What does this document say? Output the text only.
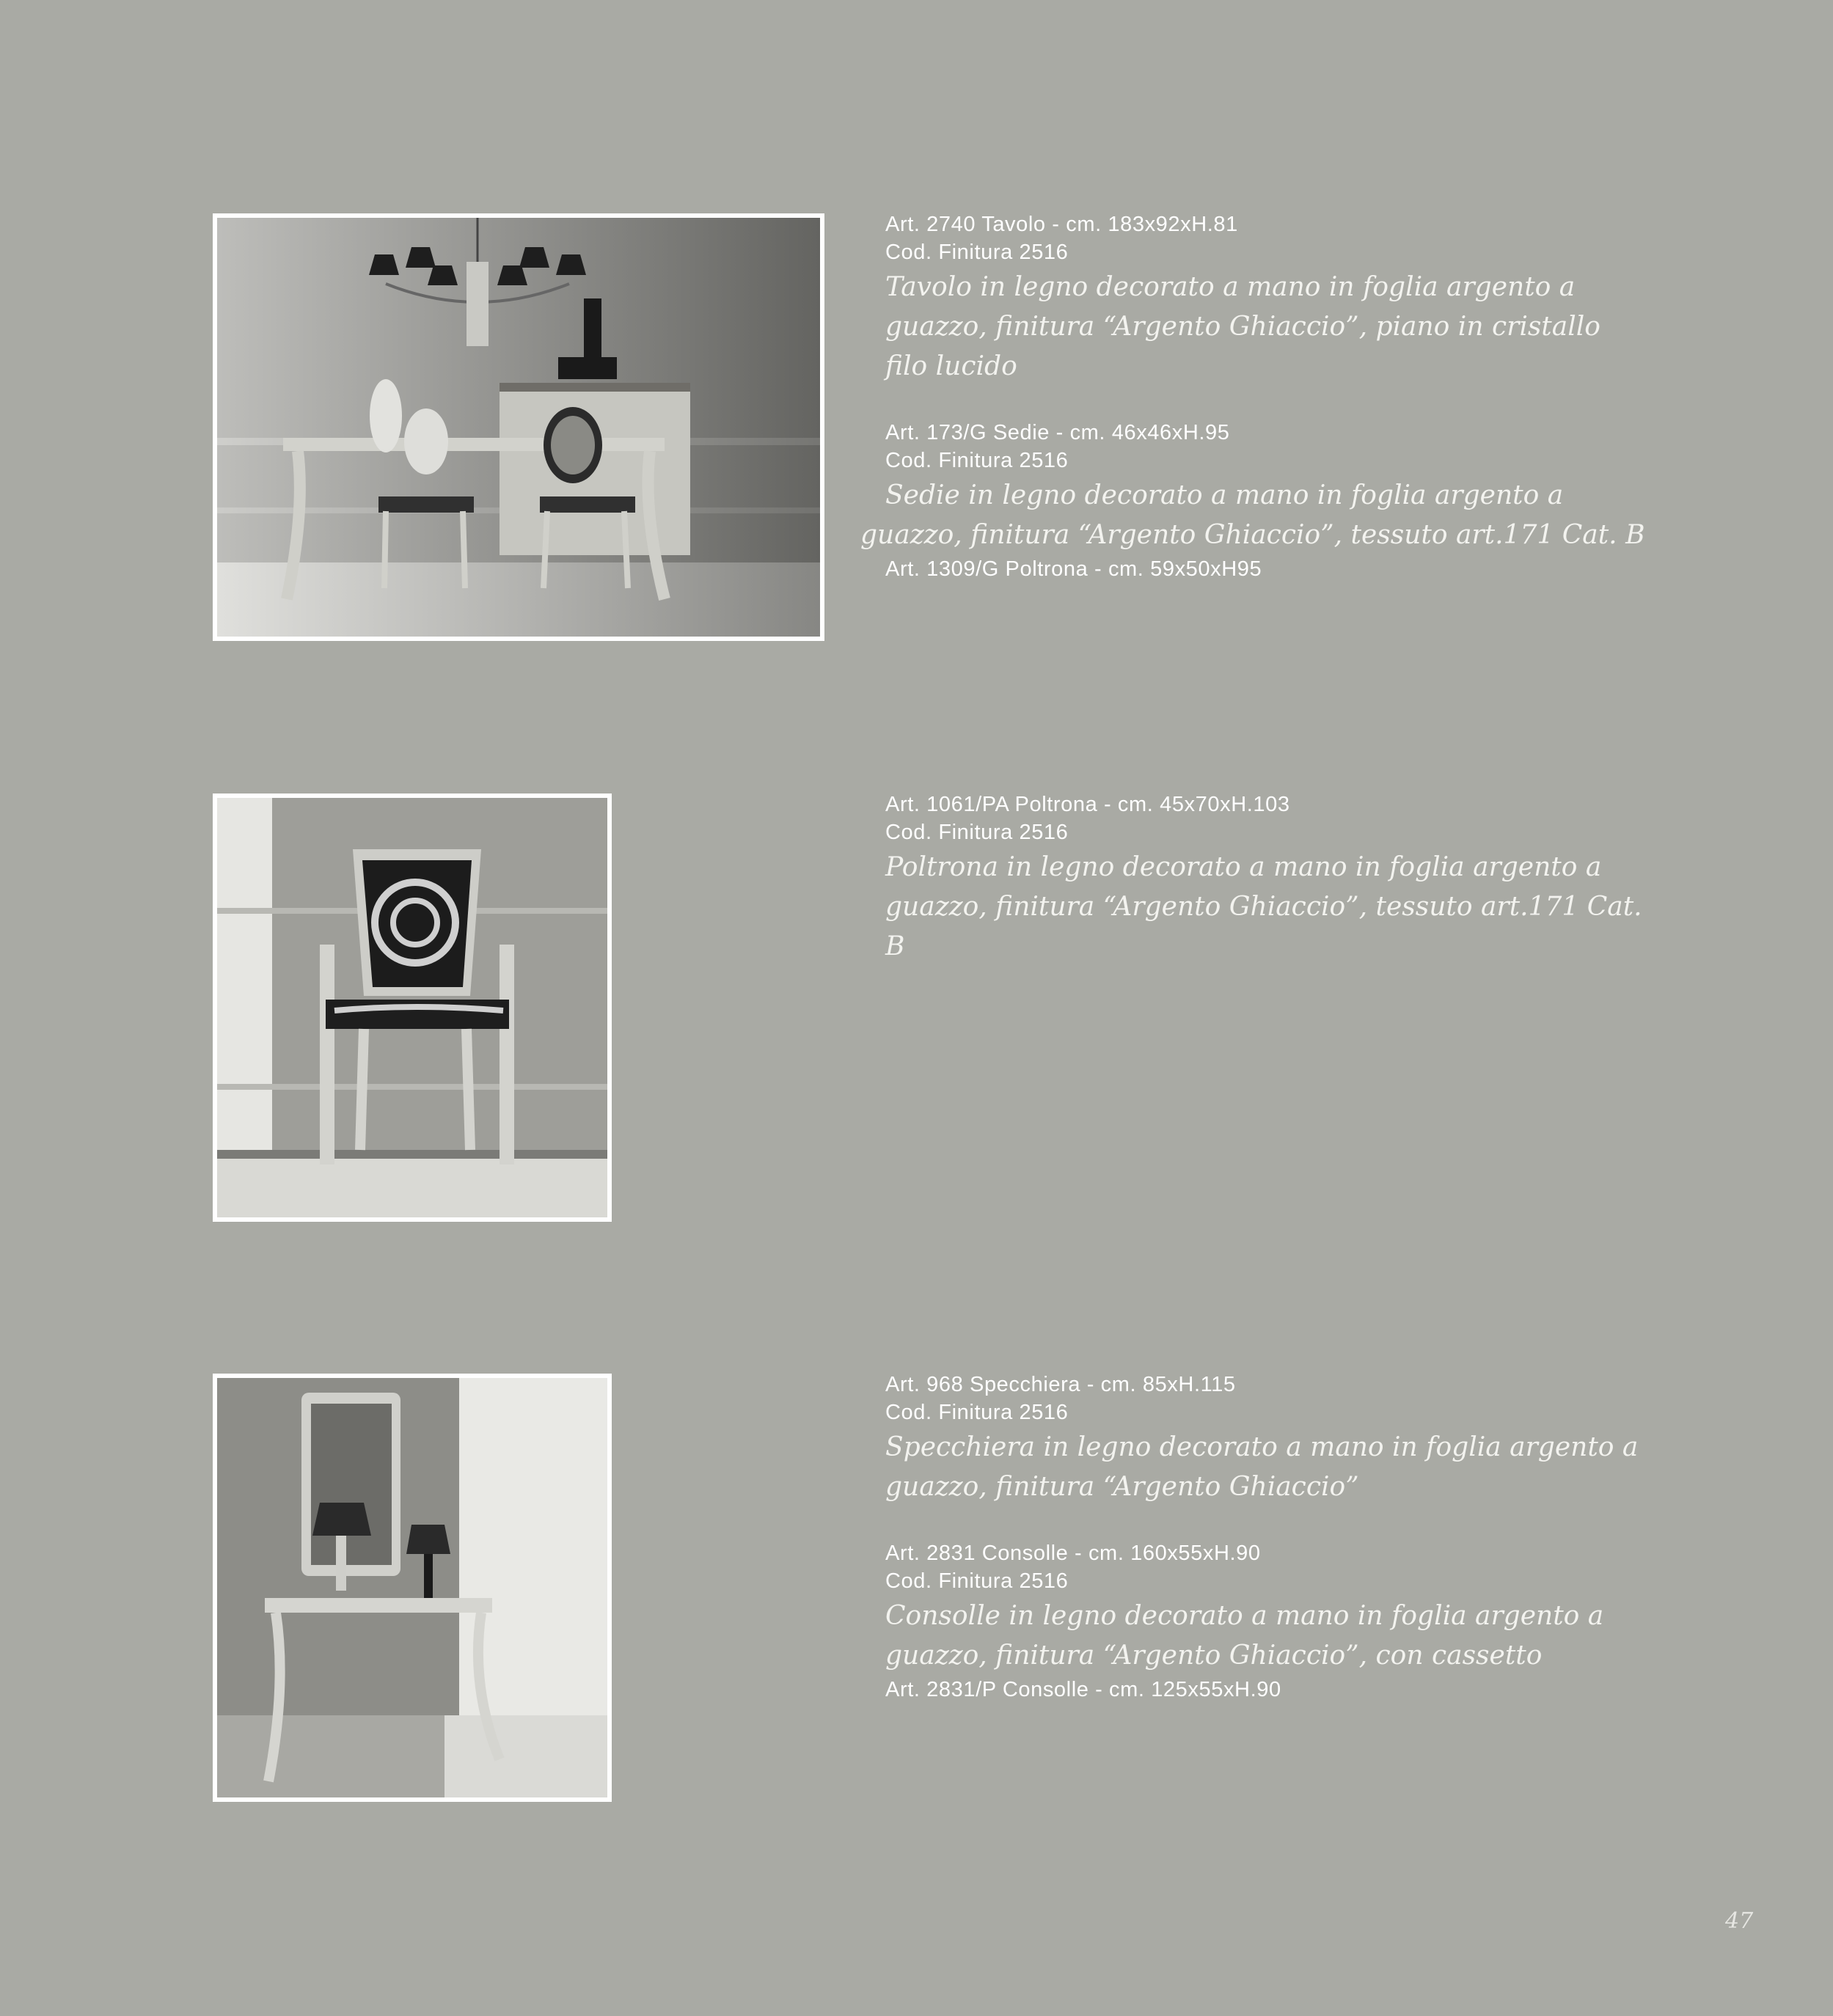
Art. 2740 Tavolo - cm. 183x92xH.81
Cod. Finitura 2516
Tavolo in legno decorato a mano in foglia argento a guazzo, finitura “Argento Ghiaccio”, piano in cristallo filo lucido
Art. 173/G Sedie - cm. 46x46xH.95
Cod. Finitura 2516
Sedie in legno decorato a mano in foglia argento a guazzo, finitura “Argento Ghiaccio”, tessuto art.171 Cat. B
Art. 1309/G Poltrona - cm. 59x50xH95
Art. 1061/PA Poltrona - cm. 45x70xH.103
Cod. Finitura 2516
Poltrona in legno decorato a mano in foglia argento a guazzo, finitura “Argento Ghiaccio”, tessuto art.171 Cat. B
Art. 968 Specchiera - cm. 85xH.115
Cod. Finitura 2516
Specchiera in legno decorato a mano in foglia argento a guazzo, finitura “Argento Ghiaccio”
Art. 2831 Consolle - cm. 160x55xH.90
Cod. Finitura 2516
Consolle in legno decorato a mano in foglia argento a guazzo, finitura “Argento Ghiaccio”, con cassetto
Art. 2831/P Consolle - cm. 125x55xH.90
47
